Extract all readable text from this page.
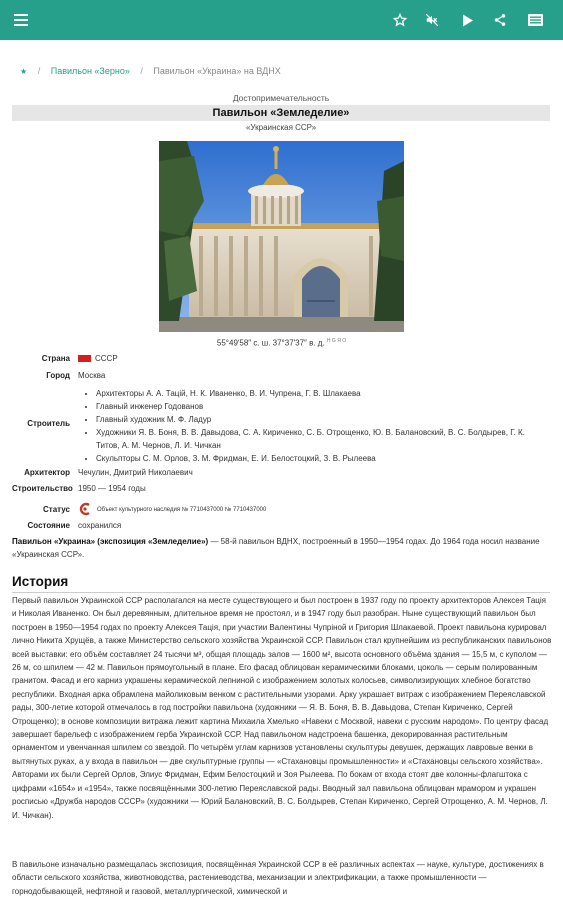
★ / Павильон «Зерно» / Павильон «Украина» на ВДНХ
Достопримечательность
Павильон «Земледелие»
«Украинская ССР»
55°49′58″ с. ш. 37°37′37″ в. д. $^{H G Я O}$
Страна	СССР
Город	Москва
Строитель
• Архитекторы А. А. Тацій, Н. К. Иваненко, В. И. Чупрена, Г. В. Шлакаева
• Главный инженер Годованов
• Главный художник М. Ф. Ладур
• Художники Я. В. Боня, В. В. Давыдова, С. А. Кириченко, С. Б. Отрощенко, Ю. В. Балановский, В. С. Болдырев, Г. К. Титов, А. М. Чернов, Л. И. Чичкан
• Скульпторы С. М. Орлов, З. М. Фридман, Е. И. Белостоцкий, З. В. Рылеева
Архитектор	Чечулин, Дмитрий Николаевич
Строительство 1950 — 1954 годы
Статус	Объект культурного наследия № 7710437000 № 7710437000
Состояние	сохранился
Павильон «Украина» (экспозиция «Земледелие») — 58-й павильон ВДНХ, построенный в 1950—1954 годах. До 1964 года носил название «Украинская ССР».
История
Первый павильон Украинской ССР располагался на месте существующего и был построен в 1937 году по проекту архитекторов Алексея Тація и Николая Иваненко. Он был деревянным, длительное время не простоял, и в 1947 году был разобран. Ныне существующий павильон был построен в 1950—1954 годах по проекту Алексея Тація, при участии Валентины Чупріной и Григория Шлакаевой. Проект павильона курировал лично Никита Хрущёв, а также Министерство сельского хозяйства Украинской ССР. Павильон стал крупнейшим из республиканских павильонов всей выставки: его объём составляет 24 тысячи м³, общая площадь залов — 1600 м², высота основного объёма здания — 15,5 м, с куполом — 26 м, со шпилем — 42 м. Павильон прямоугольный в плане. Его фасад облицован керамическими блоками, цоколь — серым полированным гранитом. Фасад и его карниз украшены керамической лепниной с изображением золотых колосьев, символизирующих хлебное богатство республики. Входная арка обрамлена майоликовым венком с растительными узорами. Арку украшает витраж с изображением Переяславской рады, 300-летие которой отмечалось в год постройки павильона (художники — Я. В. Боня, В. В. Давыдова, Степан Кириченко, Сергей Отрощенко); в основе композиции витража лежит картина Михаила Хмелько «Навеки с Москвой, навеки с русским народом». По центру фасад завершает барельеф с изображением герба Украинской ССР. Над павильоном надстроена башенка, декорированная растительным орнаментом и увенчанная шпилем со звездой. По четырём углам карнизов установлены скульптуры девушек, держащих лавровые венки в вытянутых руках, а у входа в павильон — две скульптурные группы — «Стахановцы промышленности» и «Стахановцы сельского хозяйства». Авторами их были Сергей Орлов, Элиус Фридман, Ефим Белостоцкий и Зоя Рылеева. По бокам от входа стоят две колонны-флагштока с цифрами «1654» и «1954», также посвящёнными 300-летию Переяславской рады. Вводный зал павильона облицован мрамором и украшен росписью «Дружба народов СССР» (художники — Юрий Балановский, В. С. Болдырев, Степан Кириченко, Сергей Отрощенко, А. М. Чернов, Л. И. Чичкан).
В павильоне изначально размещалась экспозиция, посвящённая Украинской ССР в её различных аспектах — науке, культуре, достижениях в области сельского хозяйства, животноводства, растениеводства, механизации и электрификации, а также промышленности — горнодобывающей, нефтяной и газовой, металлургической, химической и
